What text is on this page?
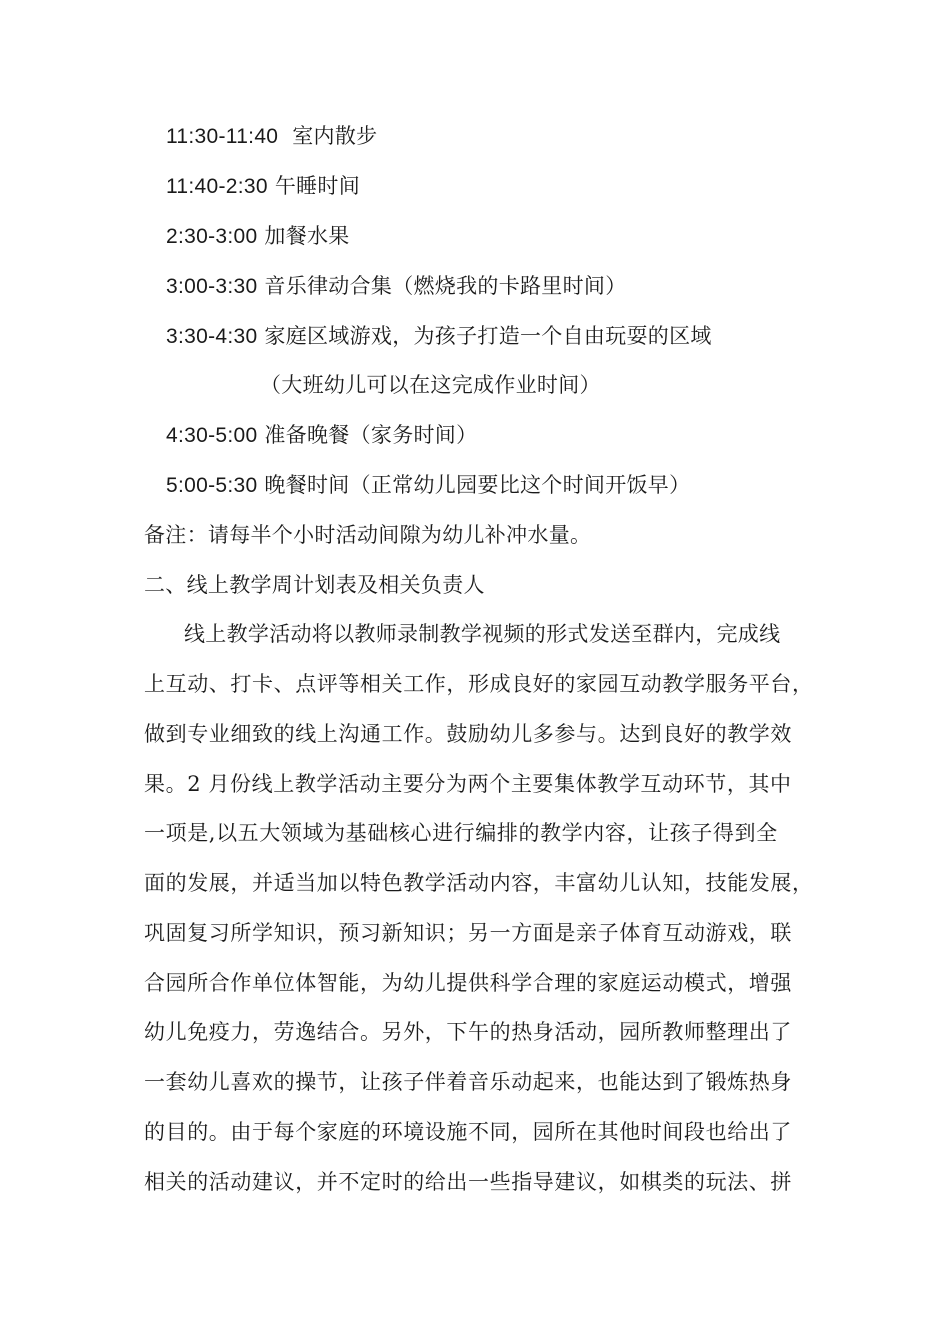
11:30-11:40  室内散步
11:40-2:30 午睡时间
2:30-3:00 加餐水果
3:00-3:30 音乐律动合集（燃烧我的卡路里时间）
3:30-4:30 家庭区域游戏，为孩子打造一个自由玩耍的区域
（大班幼儿可以在这完成作业时间）
4:30-5:00 准备晚餐（家务时间）
5:00-5:30 晚餐时间（正常幼儿园要比这个时间开饭早）
备注：请每半个小时活动间隙为幼儿补冲水量。
二、线上教学周计划表及相关负责人
线上教学活动将以教师录制教学视频的形式发送至群内，完成线
上互动、打卡、点评等相关工作，形成良好的家园互动教学服务平台，
做到专业细致的线上沟通工作。鼓励幼儿多参与。达到良好的教学效
果。2 月份线上教学活动主要分为两个主要集体教学互动环节，其中
一项是,以五大领域为基础核心进行编排的教学内容，让孩子得到全
面的发展，并适当加以特色教学活动内容，丰富幼儿认知，技能发展，
巩固复习所学知识，预习新知识；另一方面是亲子体育互动游戏，联
合园所合作单位体智能，为幼儿提供科学合理的家庭运动模式，增强
幼儿免疫力，劳逸结合。另外，下午的热身活动，园所教师整理出了
一套幼儿喜欢的操节，让孩子伴着音乐动起来，也能达到了锻炼热身
的目的。由于每个家庭的环境设施不同，园所在其他时间段也给出了
相关的活动建议，并不定时的给出一些指导建议，如棋类的玩法、拼
